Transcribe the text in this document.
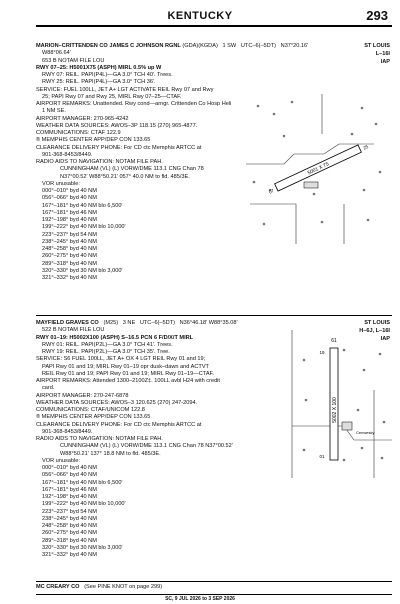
KENTUCKY	293
MARION–CRITTENDEN CO JAMES C JOHNSON RGNL (GDA)(KGDA) 1 SW UTC–6(–5DT) N37°20.16′
W88°06.64′
653 B NOTAM FILE LOU
RWY 07–25: H5001X75 (ASPH) MIRL 0.5% up W
RWY 07: REIL. PAPI(P4L)—GA 3.0° TCH 40′. Trees.
RWY 25: REIL. PAPI(P4L)—GA 3.0° TCH 36′.
SERVICE: FUEL 100LL, JET A+ LGT ACTIVATE REIL Rwy 07 and Rwy
25; PAPI Rwy 07 and Rwy 25, MIRL Rwy 07–25—CTAF.
AIRPORT REMARKS: Unattended. Rwy cond—arngr. Crittenden Co Hosp Heli
1 NM SE.
AIRPORT MANAGER: 270-965-4242
WEATHER DATA SOURCES: AWOS–3P 118.15 (270) 965-4877.
COMMUNICATIONS: CTAF 122.9
® MEMPHIS CENTER APP/DEP CON 133.65
CLEARANCE DELIVERY PHONE: For CD ctc Memphis ARTCC at
901-368-8453/8449.
RADIO AIDS TO NAVIGATION: NOTAM FILE PAH.
CUNNINGHAM (VL) (L) VORW/DME 113.1 CNG Chan 78
N37°00.52′ W88°50.21′ 057° 40.0 NM to fld. 485/3E.
VOR unusable:
000°–010° byd 40 NM
056°–066° byd 40 NM
167°–181° byd 40 NM blo 6,500′
167°–181° byd 46 NM
192°–198° byd 40 NM
199°–222° byd 40 NM blo 10,000′
223°–237° byd 54 NM
238°–245° byd 40 NM
248°–258° byd 40 NM
260°–275° byd 40 NM
289°–318° byd 40 NM
320°–330° byd 30 NM blo 3,000′
321°–332° byd 40 NM
ST LOUIS
L–16I
IAP
5001 X 75
07
25
MAYFIELD GRAVES CO (M25) 3 NE UTC–6(–5DT) N36°46.18′ W88°35.08′
522 B NOTAM FILE LOU
RWY 01–19: H5002X100 (ASPH) S–16.5 PCN 6 F/D/X/T MIRL
RWY 01: REIL. PAPI(P2L)—GA 3.0° TCH 41′. Trees.
RWY 19: REIL. PAPI(P2L)—GA 3.0° TCH 35′. Tree.
SERVICE: S6 FUEL 100LL, JET A+ OX 4 LGT REIL Rwy 01 and 19;
PAPI Rwy 01 and 19; MIRL Rwy 01–19 opr dusk–dawn and ACTVT
REIL Rwy 01 and 19; PAPI Rwy 01 and 19; MIRL Rwy 01–19—CTAF.
AIRPORT REMARKS: Attended 1300–2100Z‡. 100LL avbl H24 with credit
card.
AIRPORT MANAGER: 270-247-6878
WEATHER DATA SOURCES: AWOS–3 120.625 (270) 247-2094.
COMMUNICATIONS: CTAF/UNICOM 122.8
® MEMPHIS CENTER APP/DEP CON 133.65
CLEARANCE DELIVERY PHONE: For CD ctc Memphis ARTCC at
901-368-8453/8449.
RADIO AIDS TO NAVIGATION: NOTAM FILE PAH.
CUNNINGHAM (VL) (L) VORW/DME 113.1 CNG Chan 78 N37°00.52′
W88°50.21′ 137° 18.8 NM to fld. 485/3E.
VOR unusable:
000°–010° byd 40 NM
056°–066° byd 40 NM
167°–181° byd 40 NM blo 6,500′
167°–181° byd 46 NM
192°–198° byd 40 NM
199°–222° byd 40 NM blo 10,000′
223°–237° byd 54 NM
238°–245° byd 40 NM
248°–258° byd 40 NM
260°–275° byd 40 NM
289°–318° byd 40 NM
320°–330° byd 30 NM blo 3,000′
321°–332° byd 40 NM
ST LOUIS
H–6J, L–16I
IAP
61
5002 X 100
19
01
Cenwesky
MC CREARY CO (See PINE KNOT on page 299)
SC, 9 JUL 2026 to 3 SEP 2026
